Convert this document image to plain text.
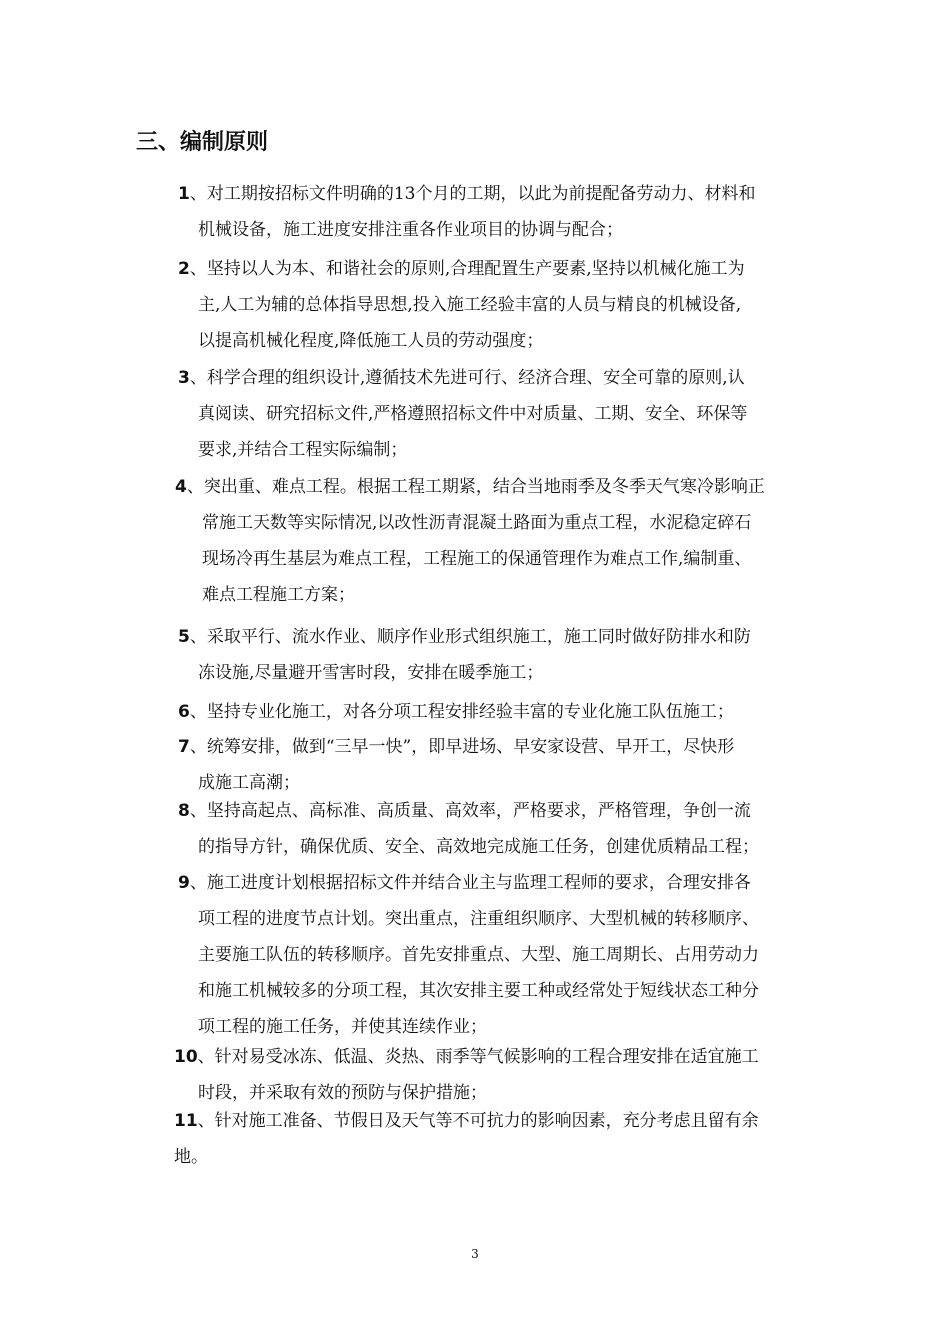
三、编制原则
1、对工期按招标文件明确的13个月的工期，以此为前提配备劳动力、材料和
机械设备，施工进度安排注重各作业项目的协调与配合；
2、坚持以人为本、和谐社会的原则,合理配置生产要素,坚持以机械化施工为
主,人工为辅的总体指导思想,投入施工经验丰富的人员与精良的机械设备,
以提高机械化程度,降低施工人员的劳动强度；
3、科学合理的组织设计,遵循技术先进可行、经济合理、安全可靠的原则,认
真阅读、研究招标文件,严格遵照招标文件中对质量、工期、安全、环保等
要求,并结合工程实际编制；
4、突出重、难点工程。根据工程工期紧，结合当地雨季及冬季天气寒冷影响正
常施工天数等实际情况,以改性沥青混凝土路面为重点工程，水泥稳定碎石
现场冷再生基层为难点工程，工程施工的保通管理作为难点工作,编制重、
难点工程施工方案；
5、采取平行、流水作业、顺序作业形式组织施工，施工同时做好防排水和防
冻设施,尽量避开雪害时段，安排在暖季施工；
6、坚持专业化施工，对各分项工程安排经验丰富的专业化施工队伍施工；
7、统筹安排，做到“三早一快”，即早进场、早安家设营、早开工，尽快形
成施工高潮；
8、坚持高起点、高标准、高质量、高效率，严格要求，严格管理，争创一流
的指导方针，确保优质、安全、高效地完成施工任务，创建优质精品工程；
9、施工进度计划根据招标文件并结合业主与监理工程师的要求，合理安排各
项工程的进度节点计划。突出重点，注重组织顺序、大型机械的转移顺序、
主要施工队伍的转移顺序。首先安排重点、大型、施工周期长、占用劳动力
和施工机械较多的分项工程，其次安排主要工种或经常处于短线状态工种分
项工程的施工任务，并使其连续作业；
10、针对易受冰冻、低温、炎热、雨季等气候影响的工程合理安排在适宜施工
时段，并采取有效的预防与保护措施；
11、针对施工准备、节假日及天气等不可抗力的影响因素，充分考虑且留有余
地。
3
